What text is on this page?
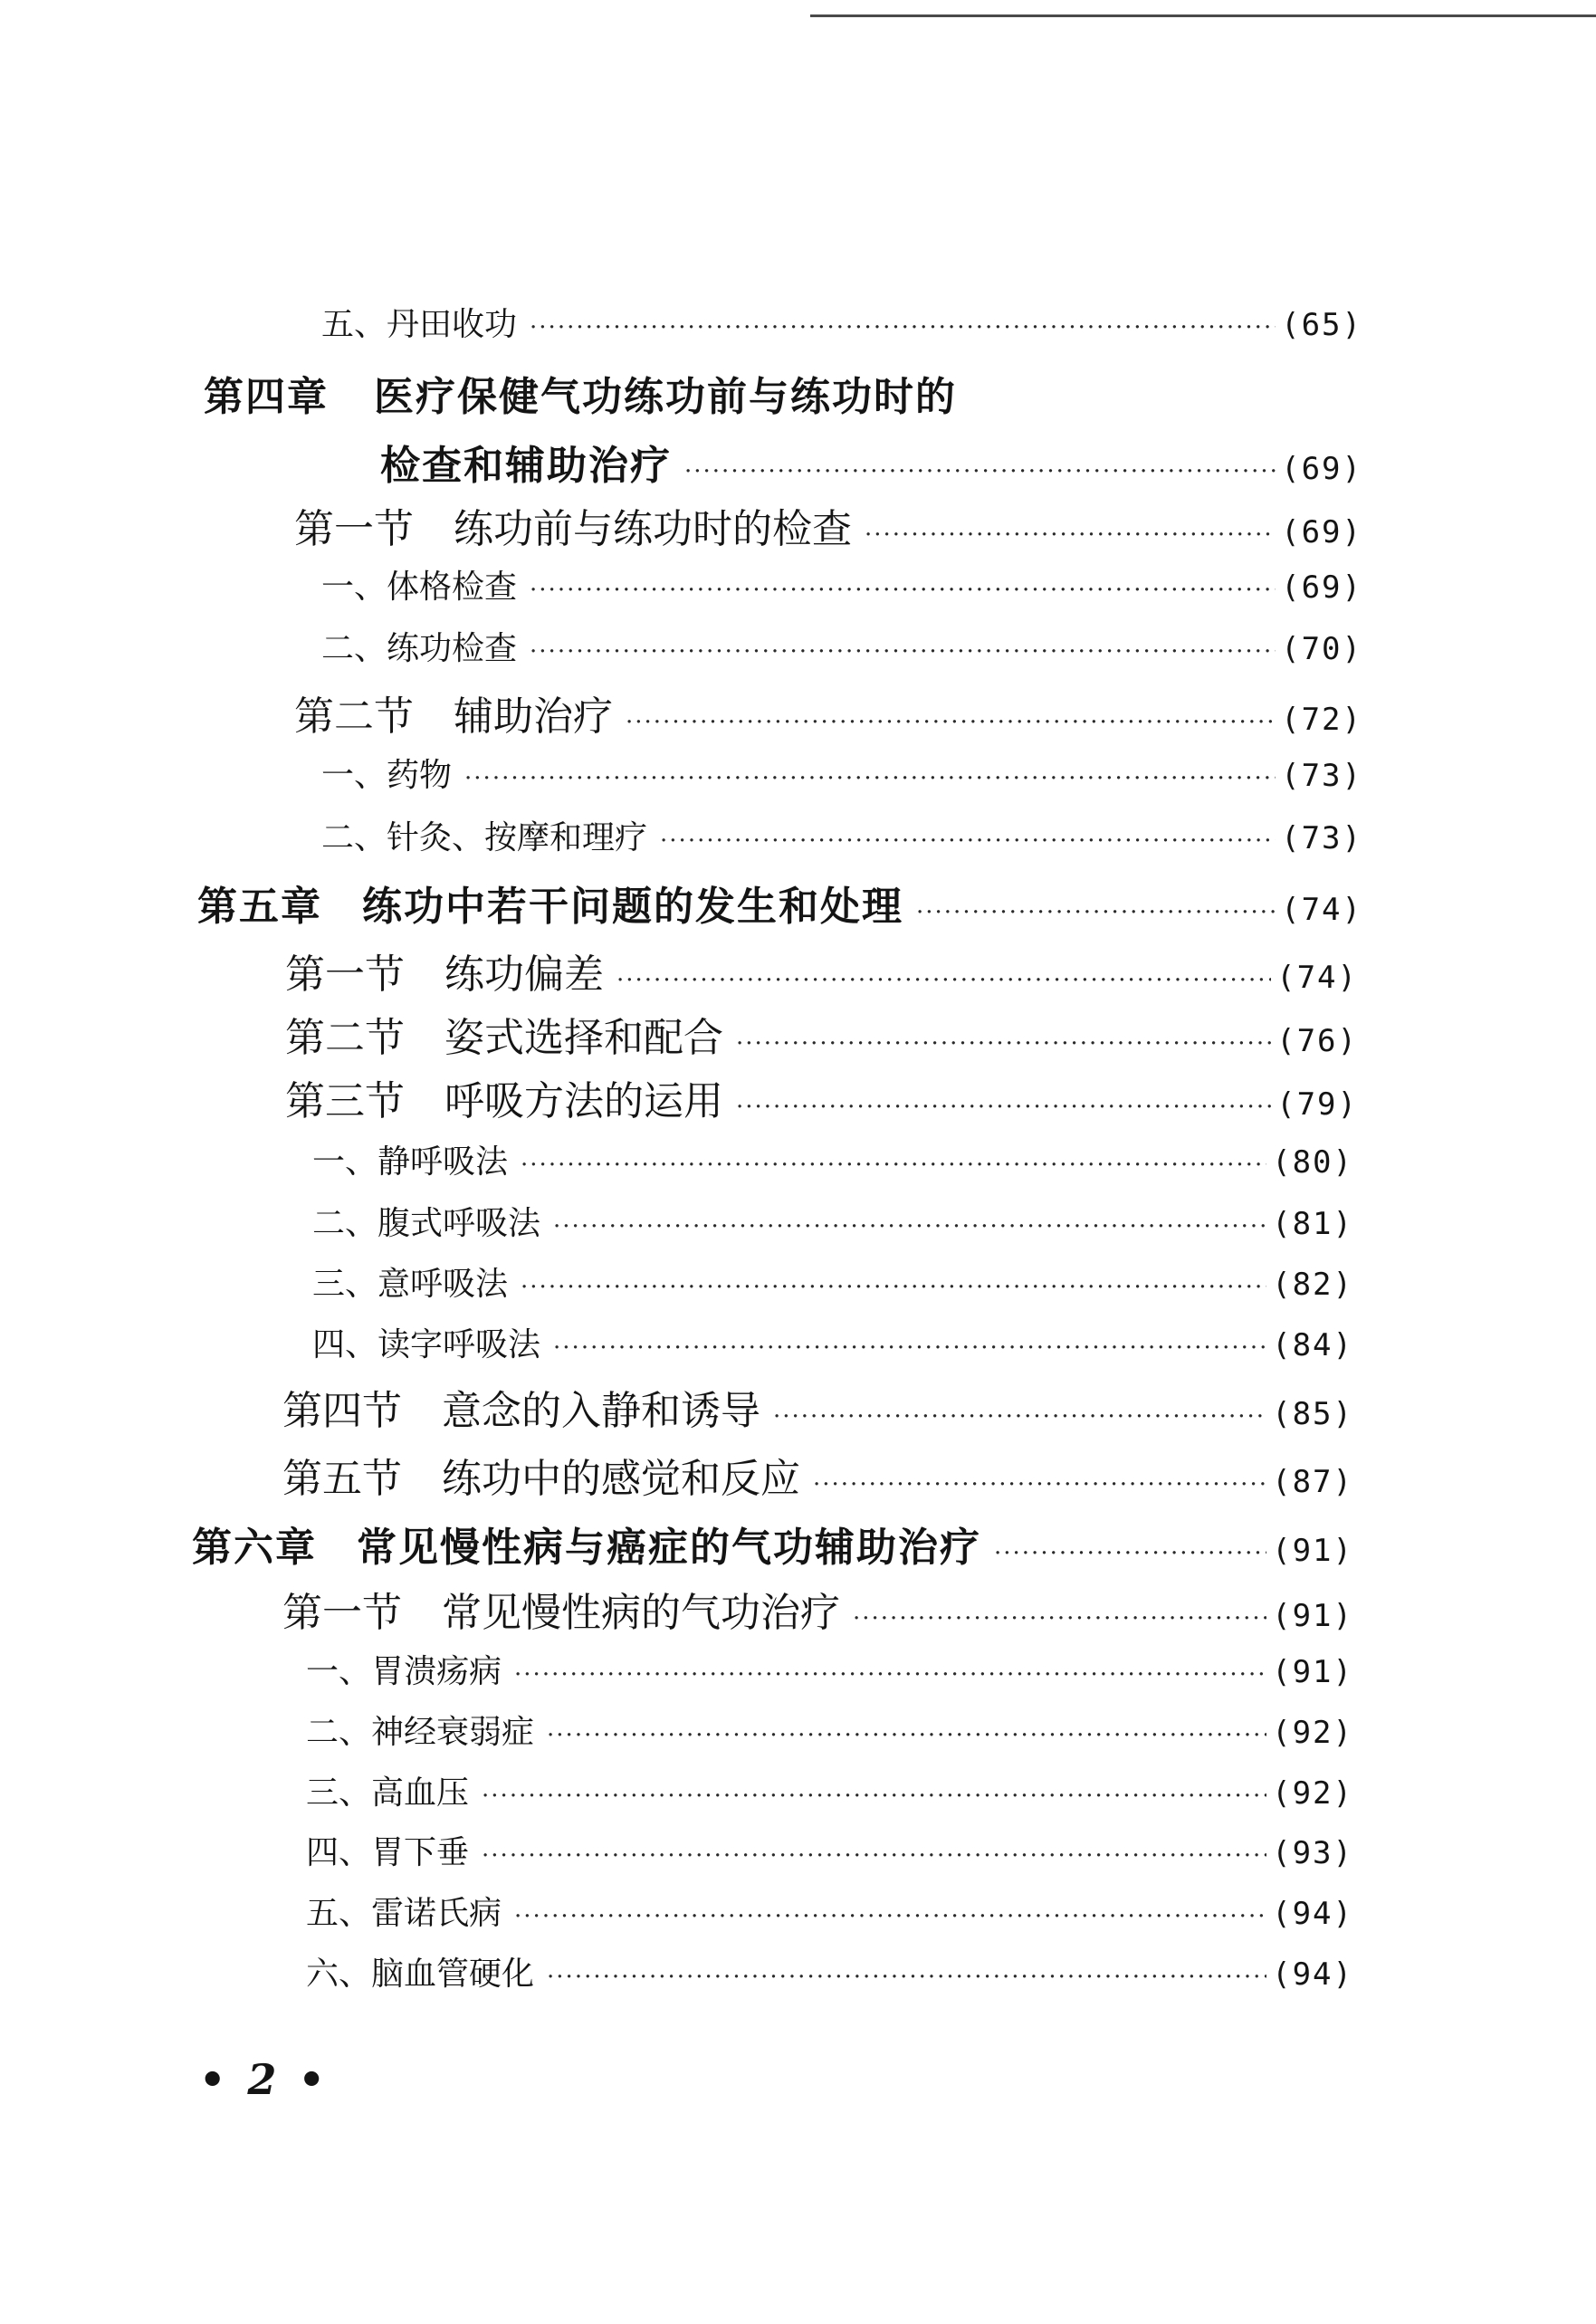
五、丹田收功 ·····	(65)
第四章 医疗保健气功练功前与练功时的
检查和辅助治疗 ·····	(69)
第一节 练功前与练功时的检查 ·····	(69)
一、体格检查 ·····	(69)
二、练功检查 ·····	(70)
第二节 辅助治疗 ·····	(72)
一、药物 ·····	(73)
二、针灸、按摩和理疗 ·····	(73)
第五章 练功中若干问题的发生和处理 ·····	(74)
第一节 练功偏差 ·····	(74)
第二节 姿式选择和配合 ·····	(76)
第三节 呼吸方法的运用 ·····	(79)
一、静呼吸法 ·····	(80)
二、腹式呼吸法 ·····	(81)
三、意呼吸法 ·····	(82)
四、读字呼吸法 ·····	(84)
第四节 意念的入静和诱导 ·····	(85)
第五节 练功中的感觉和反应 ·····	(87)
第六章 常见慢性病与癌症的气功辅助治疗 ·····	(91)
第一节 常见慢性病的气功治疗 ·····	(91)
一、胃溃疡病 ·····	(91)
二、神经衰弱症 ·····	(92)
三、高血压 ·····	(92)
四、胃下垂 ·····	(93)
五、雷诺氏病 ·····	(94)
六、脑血管硬化 ·····	(94)
• 2 •
